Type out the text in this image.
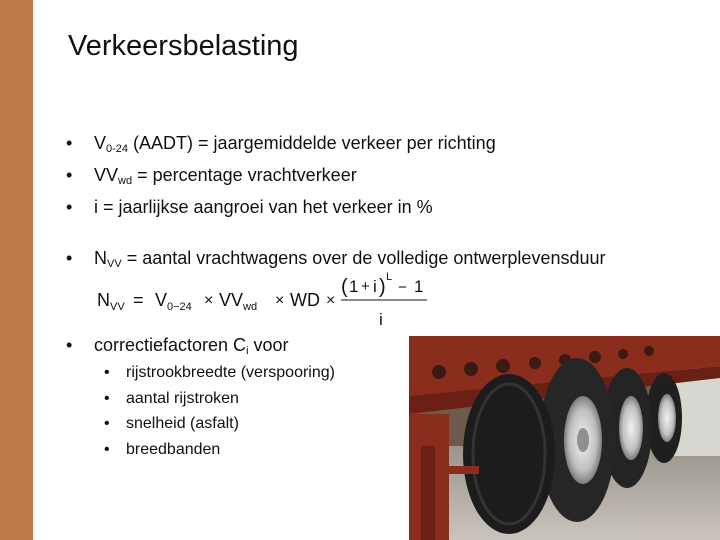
Verkeersbelasting
• $V_{0-24}$ (AADT) = jaargemiddelde verkeer per richting
• $VV_{wd}$ = percentage vrachtverkeer
• i = jaarlijkse aangroei van het verkeer in %
• $N_{VV}$ = aantal vrachtwagens over de volledige ontwerplevensduur
$N_{VV} = V_{0-24} \times VV_{wd}$ × WD ×
( 1 + i ) L
− 1
i
• correctiefactoren $C_i$ voor
• rijstrookbreedte (verspooring)
• aantal rijstroken
• snelheid (asfalt)
• breedbanden
